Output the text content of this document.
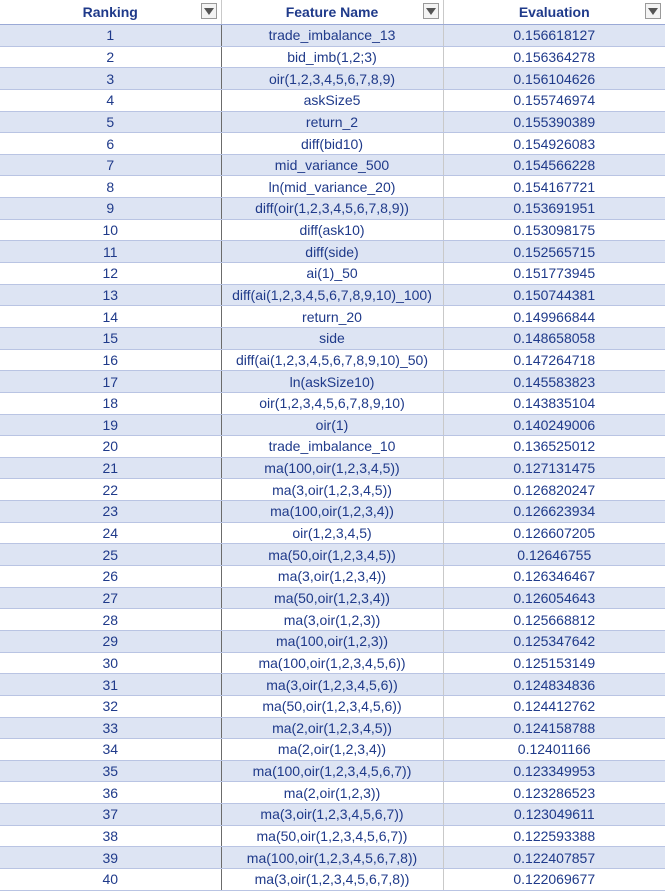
Ranking	Feature Name	Evaluation

1	trade_imbalance_13	0.156618127
2	bid_imb(1,2;3)	0.156364278
3	oir(1,2,3,4,5,6,7,8,9)	0.156104626
4	askSize5	0.155746974
5	return_2	0.155390389
6	diff(bid10)	0.154926083
7	mid_variance_500	0.154566228
8	ln(mid_variance_20)	0.154167721
9	diff(oir(1,2,3,4,5,6,7,8,9))	0.153691951
10	diff(ask10)	0.153098175
11	diff(side)	0.152565715
12	ai(1)_50	0.151773945
13	diff(ai(1,2,3,4,5,6,7,8,9,10)_100)	0.150744381
14	return_20	0.149966844
15	side	0.148658058
16	diff(ai(1,2,3,4,5,6,7,8,9,10)_50)	0.147264718
17	ln(askSize10)	0.145583823
18	oir(1,2,3,4,5,6,7,8,9,10)	0.143835104
19	oir(1)	0.140249006
20	trade_imbalance_10	0.136525012
21	ma(100,oir(1,2,3,4,5))	0.127131475
22	ma(3,oir(1,2,3,4,5))	0.126820247
23	ma(100,oir(1,2,3,4))	0.126623934
24	oir(1,2,3,4,5)	0.126607205
25	ma(50,oir(1,2,3,4,5))	0.12646755
26	ma(3,oir(1,2,3,4))	0.126346467
27	ma(50,oir(1,2,3,4))	0.126054643
28	ma(3,oir(1,2,3))	0.125668812
29	ma(100,oir(1,2,3))	0.125347642
30	ma(100,oir(1,2,3,4,5,6))	0.125153149
31	ma(3,oir(1,2,3,4,5,6))	0.124834836
32	ma(50,oir(1,2,3,4,5,6))	0.124412762
33	ma(2,oir(1,2,3,4,5))	0.124158788
34	ma(2,oir(1,2,3,4))	0.12401166
35	ma(100,oir(1,2,3,4,5,6,7))	0.123349953
36	ma(2,oir(1,2,3))	0.123286523
37	ma(3,oir(1,2,3,4,5,6,7))	0.123049611
38	ma(50,oir(1,2,3,4,5,6,7))	0.122593388
39	ma(100,oir(1,2,3,4,5,6,7,8))	0.122407857
40	ma(3,oir(1,2,3,4,5,6,7,8))	0.122069677
